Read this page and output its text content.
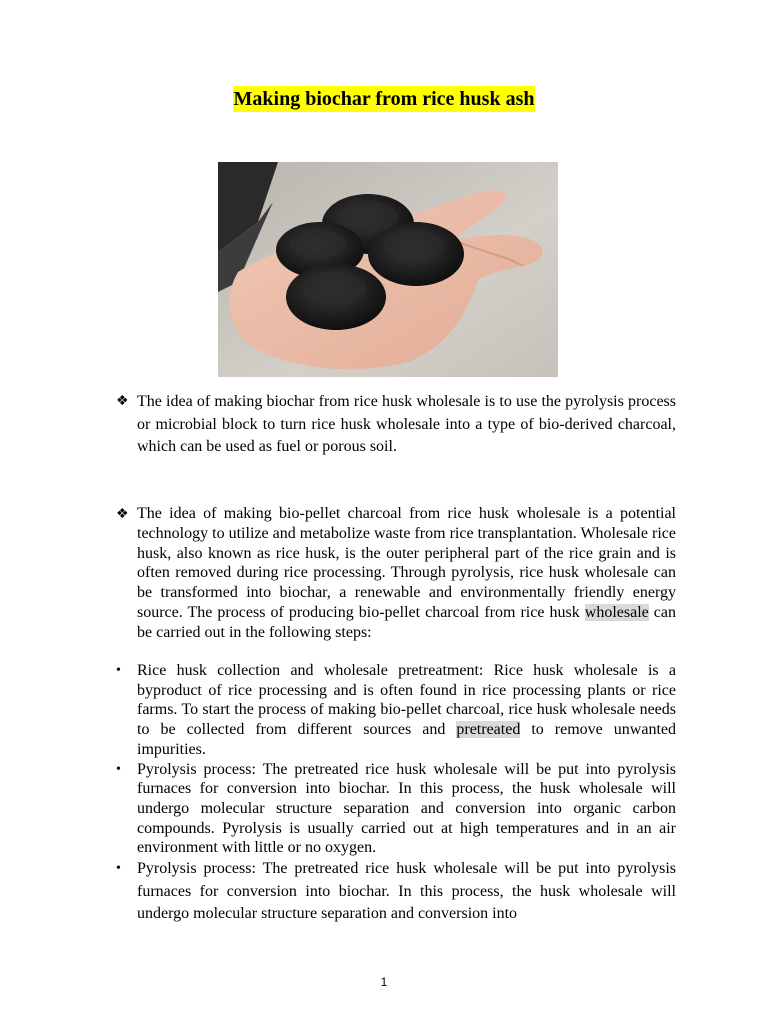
Making biochar from rice husk ash
❖ The idea of making biochar from rice husk wholesale is to use the pyrolysis process or microbial block to turn rice husk wholesale into a type of bio-derived charcoal, which can be used as fuel or porous soil.

❖ The idea of making bio-pellet charcoal from rice husk wholesale is a potential technology to utilize and metabolize waste from rice transplantation. Wholesale rice husk, also known as rice husk, is the outer peripheral part of the rice grain and is often removed during rice processing. Through pyrolysis, rice husk wholesale can be transformed into biochar, a renewable and environmentally friendly energy source. The process of producing bio-pellet charcoal from rice husk wholesale can be carried out in the following steps:

• Rice husk collection and wholesale pretreatment: Rice husk wholesale is a byproduct of rice processing and is often found in rice processing plants or rice farms. To start the process of making bio-pellet charcoal, rice husk wholesale needs to be collected from different sources and pretreated to remove unwanted impurities.
• Pyrolysis process: The pretreated rice husk wholesale will be put into pyrolysis furnaces for conversion into biochar. In this process, the husk wholesale will undergo molecular structure separation and conversion into organic carbon compounds. Pyrolysis is usually carried out at high temperatures and in an air environment with little or no oxygen.
• Pyrolysis process: The pretreated rice husk wholesale will be put into pyrolysis furnaces for conversion into biochar. In this process, the husk wholesale will undergo molecular structure separation and conversion into
1
